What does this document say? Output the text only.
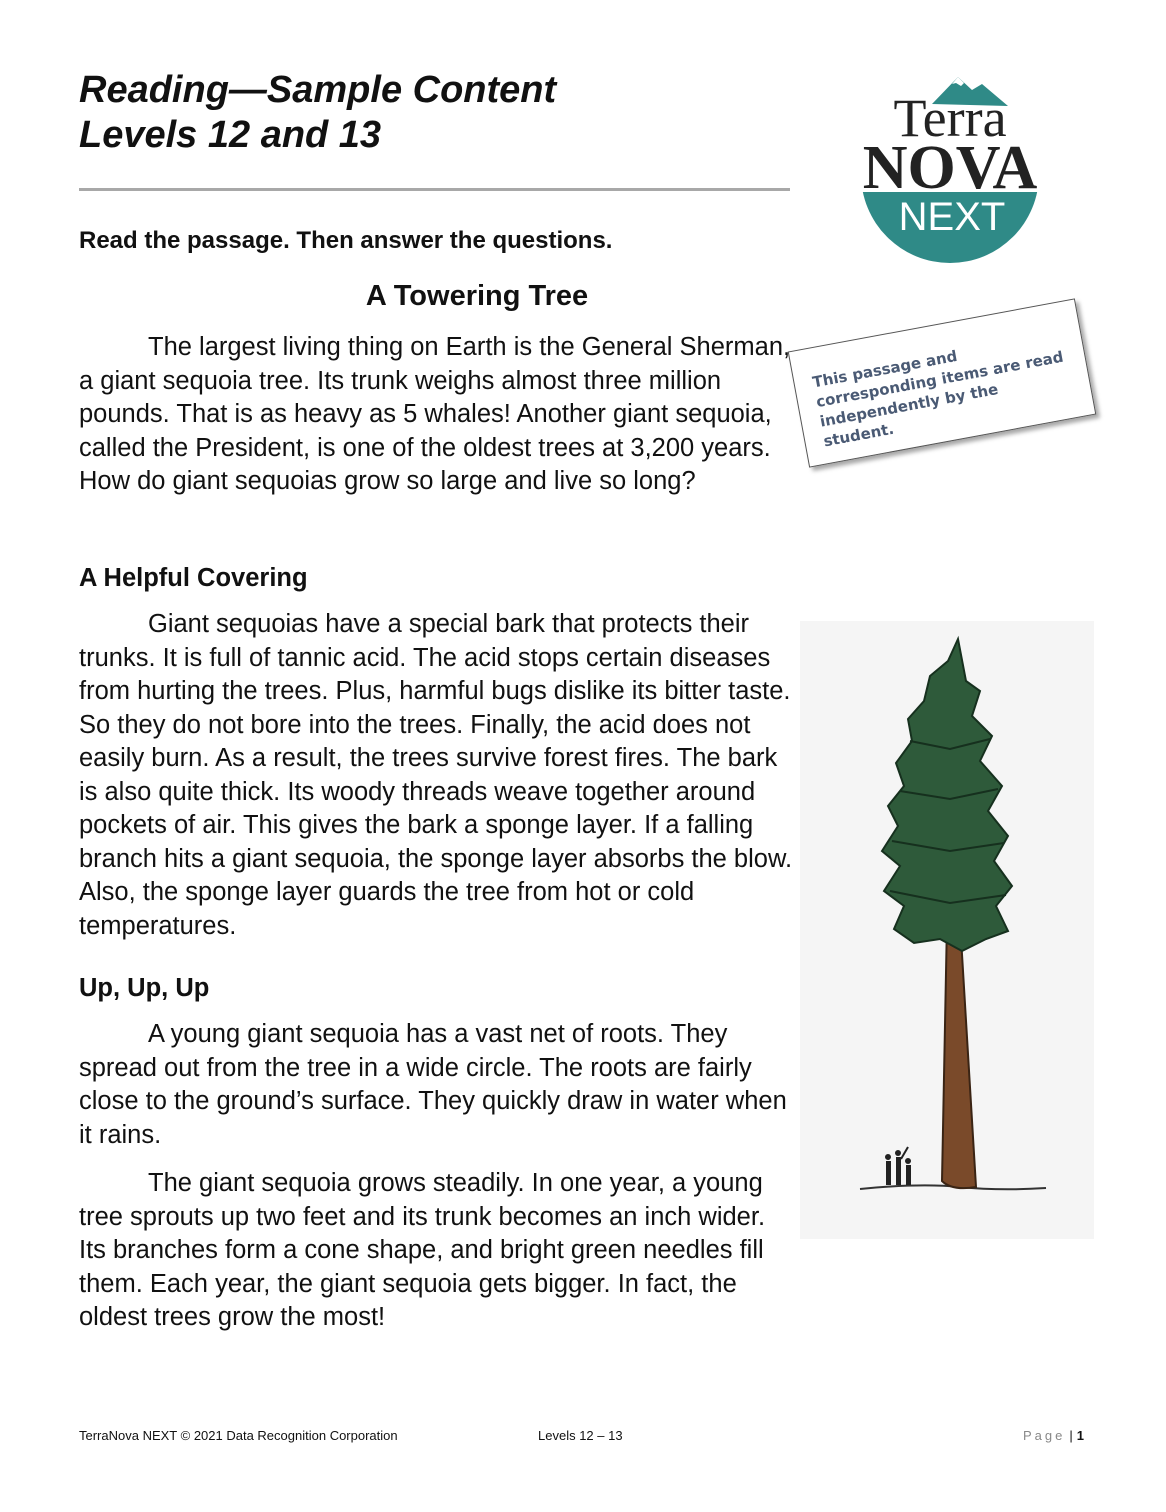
Reading—Sample Content
Levels 12 and 13	Terra
NOVA
NEXT

Read the passage. Then answer the questions.

This passage and corresponding items are read independently by the student.
A Towering Tree

The largest living thing on Earth is the General Sherman, a giant sequoia tree. Its trunk weighs almost three million pounds. That is as heavy as 5 whales! Another giant sequoia, called the President, is one of the oldest trees at 3,200 years. How do giant sequoias grow so large and live so long?

A Helpful Covering

Giant sequoias have a special bark that protects their trunks. It is full of tannic acid. The acid stops certain diseases from hurting the trees. Plus, harmful bugs dislike its bitter taste. So they do not bore into the trees. Finally, the acid does not easily burn. As a result, the trees survive forest fires. The bark is also quite thick. Its woody threads weave together around pockets of air. This gives the bark a sponge layer. If a falling branch hits a giant sequoia, the sponge layer absorbs the blow. Also, the sponge layer guards the tree from hot or cold temperatures.

Up, Up, Up

A young giant sequoia has a vast net of roots. They spread out from the tree in a wide circle. The roots are fairly close to the ground’s surface. They quickly draw in water when it rains.

The giant sequoia grows steadily. In one year, a young tree sprouts up two feet and its trunk becomes an inch wider. Its branches form a cone shape, and bright green needles fill them. Each year, the giant sequoia gets bigger. In fact, the oldest trees grow the most!

TerraNova NEXT © 2021 Data Recognition Corporation	Levels 12 – 13	Page | 1
